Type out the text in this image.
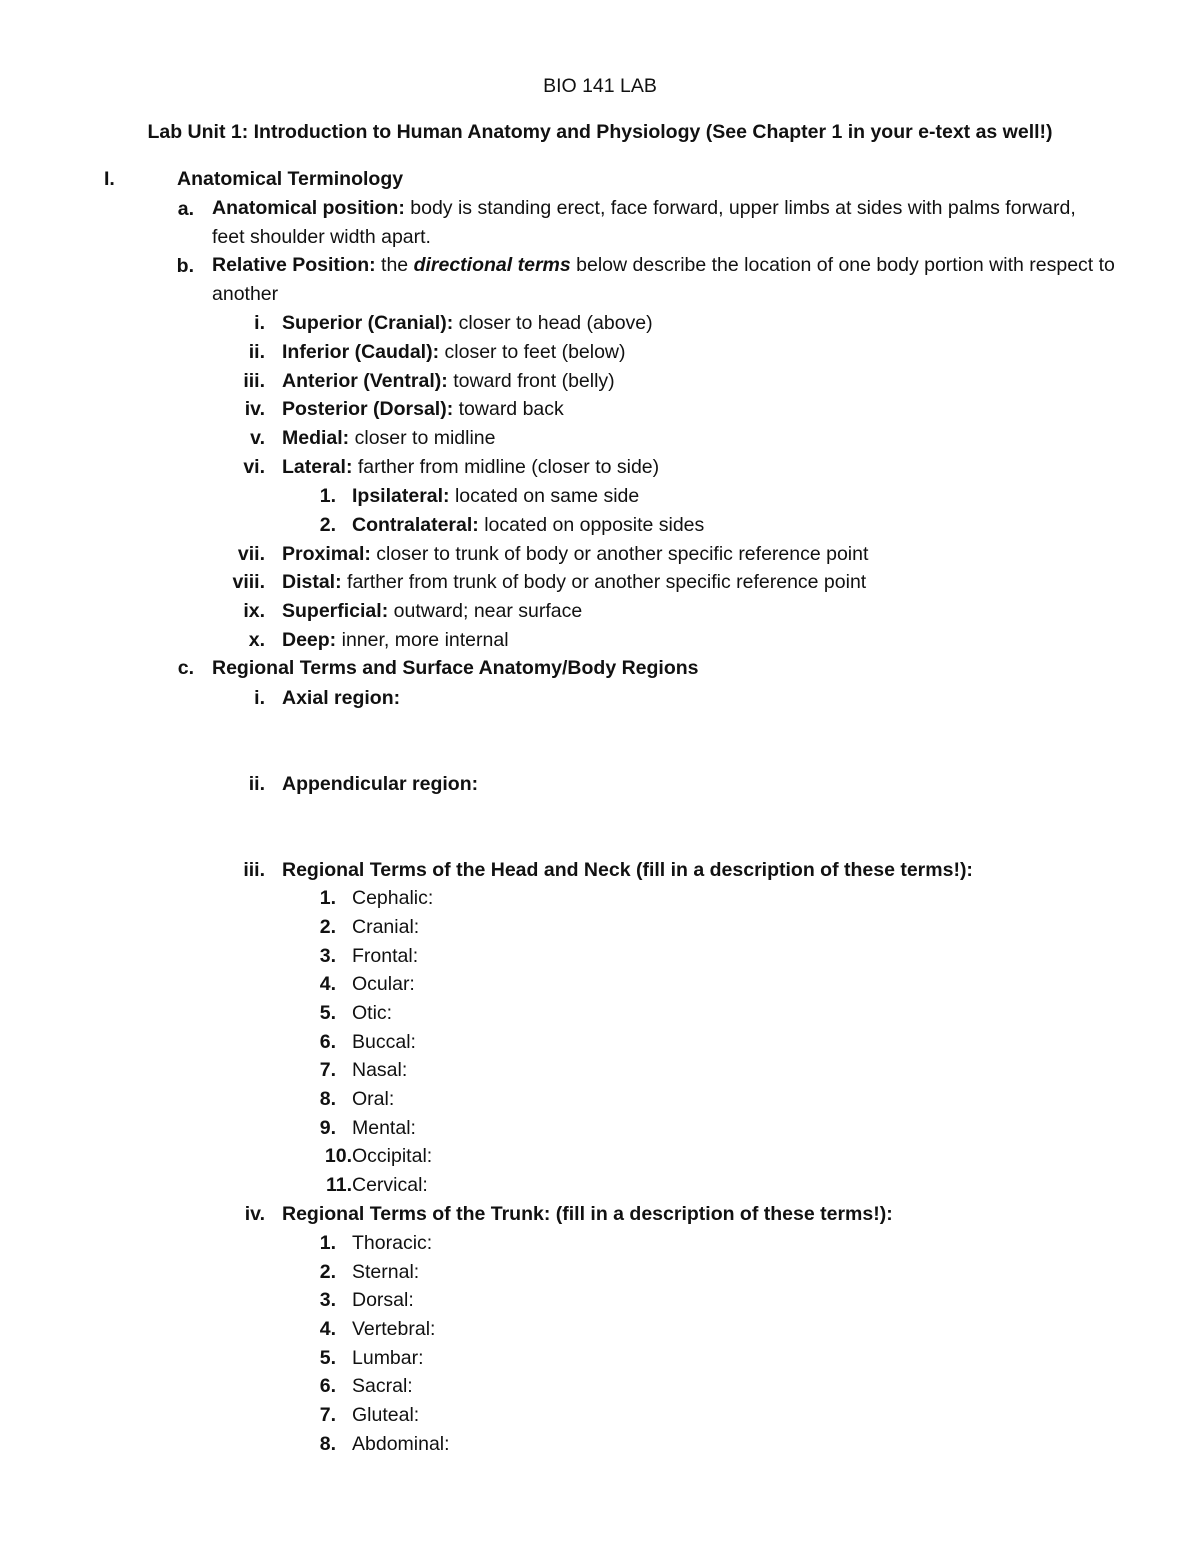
BIO 141 LAB
Lab Unit 1: Introduction to Human Anatomy and Physiology (See Chapter 1 in your e-text as well!)
I.	Anatomical Terminology
a. Anatomical position: body is standing erect, face forward, upper limbs at sides with palms forward, feet shoulder width apart.
b. Relative Position: the directional terms below describe the location of one body portion with respect to another
i. Superior (Cranial): closer to head (above)
ii. Inferior (Caudal): closer to feet (below)
iii. Anterior (Ventral): toward front (belly)
iv. Posterior (Dorsal): toward back
v. Medial: closer to midline
vi. Lateral: farther from midline (closer to side)
1. Ipsilateral: located on same side
2. Contralateral: located on opposite sides
vii. Proximal: closer to trunk of body or another specific reference point
viii. Distal: farther from trunk of body or another specific reference point
ix. Superficial: outward; near surface
x. Deep: inner, more internal
c. Regional Terms and Surface Anatomy/Body Regions
i. Axial region:
ii. Appendicular region:
iii. Regional Terms of the Head and Neck (fill in a description of these terms!):
1. Cephalic:
2. Cranial:
3. Frontal:
4. Ocular:
5. Otic:
6. Buccal:
7. Nasal:
8. Oral:
9. Mental:
10. Occipital:
11. Cervical:
iv. Regional Terms of the Trunk: (fill in a description of these terms!):
1. Thoracic:
2. Sternal:
3. Dorsal:
4. Vertebral:
5. Lumbar:
6. Sacral:
7. Gluteal:
8. Abdominal:
